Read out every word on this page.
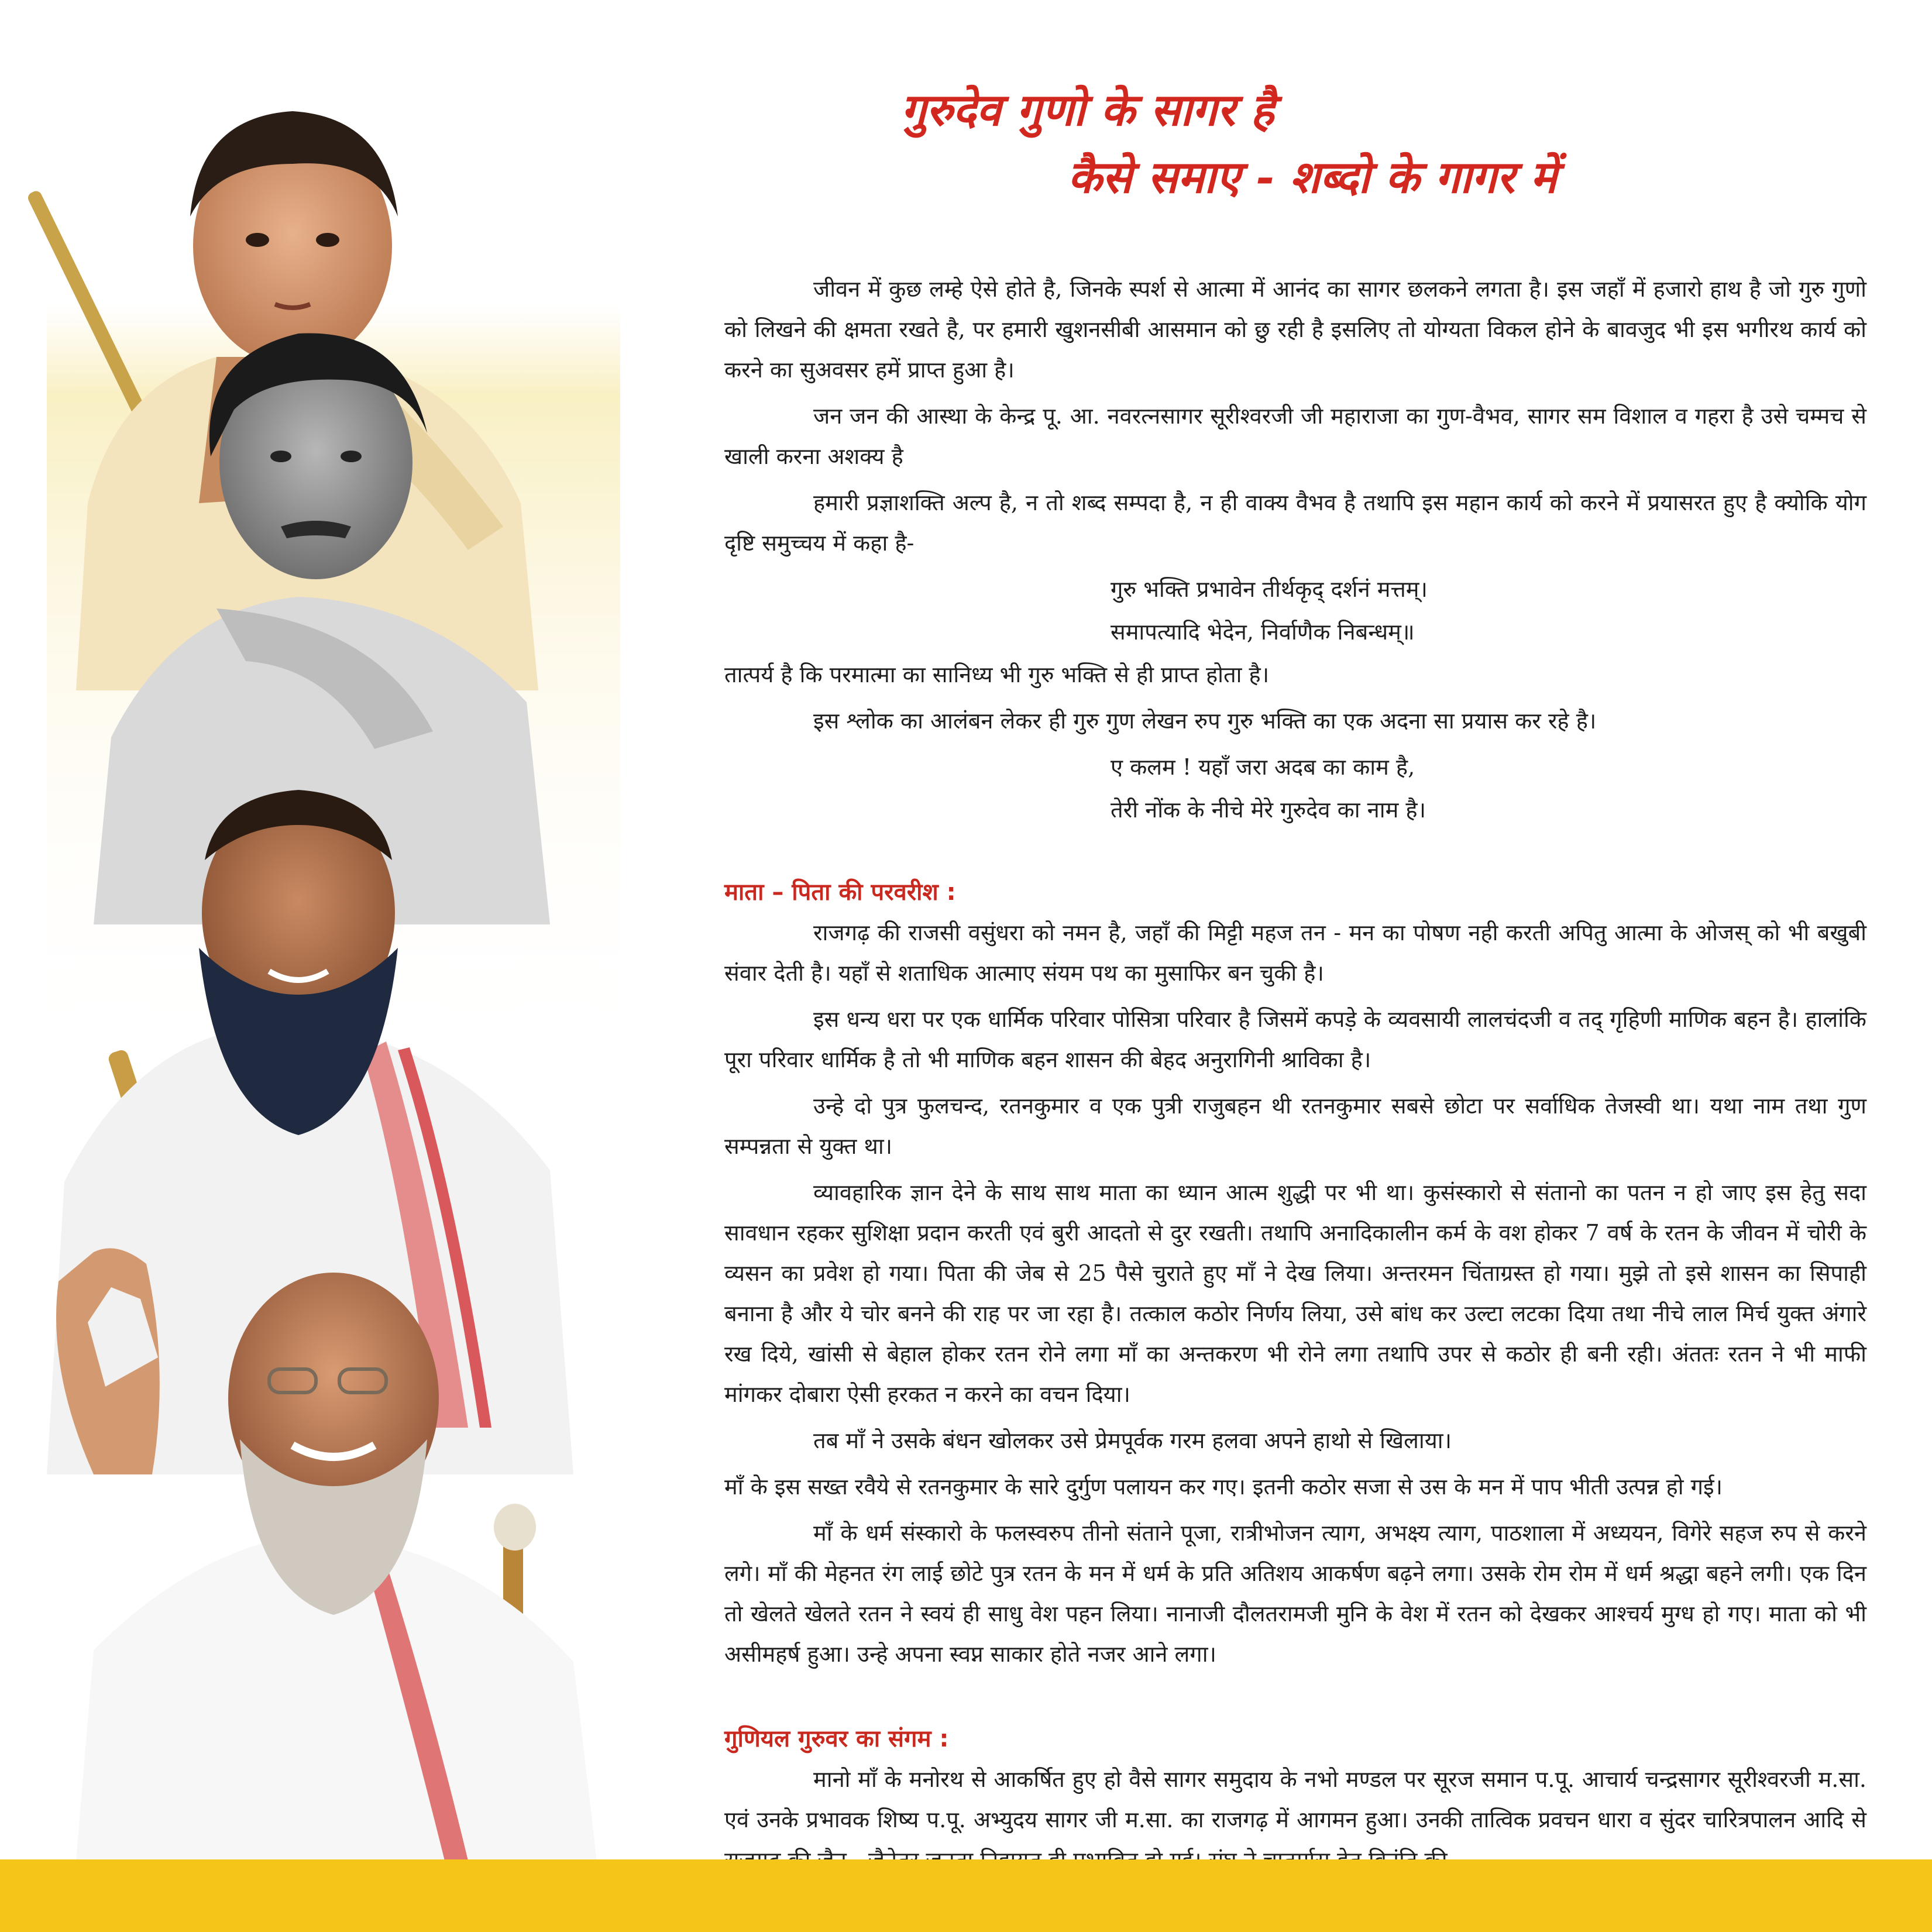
गुरुदेव गुणो के सागर है
कैसे समाए - शब्दो के गागर में

जीवन में कुछ लम्हे ऐसे होते है, जिनके स्पर्श से आत्मा में आनंद का सागर छलकने लगता है। इस जहाँ में हजारो हाथ है जो गुरु गुणो को लिखने की क्षमता रखते है, पर हमारी खुशनसीबी आसमान को छु रही है इसलिए तो योग्यता विकल होने के बावजुद भी इस भगीरथ कार्य को करने का सुअवसर हमें प्राप्त हुआ है।

जन जन की आस्था के केन्द्र पू. आ. नवरत्नसागर सूरीश्वरजी जी महाराजा का गुण-वैभव, सागर सम विशाल व गहरा है उसे चम्मच से खाली करना अशक्य है

हमारी प्रज्ञाशक्ति अल्प है, न तो शब्द सम्पदा है, न ही वाक्य वैभव है तथापि इस महान कार्य को करने में प्रयासरत हुए है क्योकि योग दृष्टि समुच्चय में कहा है-

गुरु भक्ति प्रभावेन तीर्थकृद् दर्शनं मत्तम्।

समापत्यादि भेदेन, निर्वाणैक निबन्धम्॥

तात्पर्य है कि परमात्मा का सानिध्य भी गुरु भक्ति से ही प्राप्त होता है।

इस श्लोक का आलंबन लेकर ही गुरु गुण लेखन रुप गुरु भक्ति का एक अदना सा प्रयास कर रहे है।

ए कलम ! यहाँ जरा अदब का काम है,

तेरी नोंक के नीचे मेरे गुरुदेव का नाम है।

माता – पिता की परवरीश :

राजगढ़ की राजसी वसुंधरा को नमन है, जहाँ की मिट्टी महज तन - मन का पोषण नही करती अपितु आत्मा के ओजस् को भी बखुबी संवार देती है। यहाँ से शताधिक आत्माए संयम पथ का मुसाफिर बन चुकी है।

इस धन्य धरा पर एक धार्मिक परिवार पोसित्रा परिवार है जिसमें कपड़े के व्यवसायी लालचंदजी व तद् गृहिणी माणिक बहन है। हालांकि पूरा परिवार धार्मिक है तो भी माणिक बहन शासन की बेहद अनुरागिनी श्राविका है।

उन्हे दो पुत्र फुलचन्द, रतनकुमार व एक पुत्री राजुबहन थी रतनकुमार सबसे छोटा पर सर्वाधिक तेजस्वी था। यथा नाम तथा गुण सम्पन्नता से युक्त था।

व्यावहारिक ज्ञान देने के साथ साथ माता का ध्यान आत्म शुद्धी पर भी था। कुसंस्कारो से संतानो का पतन न हो जाए इस हेतु सदा सावधान रहकर सुशिक्षा प्रदान करती एवं बुरी आदतो से दुर रखती। तथापि अनादिकालीन कर्म के वश होकर 7 वर्ष के रतन के जीवन में चोरी के व्यसन का प्रवेश हो गया। पिता की जेब से 25 पैसे चुराते हुए माँ ने देख लिया। अन्तरमन चिंताग्रस्त हो गया। मुझे तो इसे शासन का सिपाही बनाना है और ये चोर बनने की राह पर जा रहा है। तत्काल कठोर निर्णय लिया, उसे बांध कर उल्टा लटका दिया तथा नीचे लाल मिर्च युक्त अंगारे रख दिये, खांसी से बेहाल होकर रतन रोने लगा माँ का अन्तकरण भी रोने लगा तथापि उपर से कठोर ही बनी रही। अंततः रतन ने भी माफी मांगकर दोबारा ऐसी हरकत न करने का वचन दिया।

तब माँ ने उसके बंधन खोलकर उसे प्रेमपूर्वक गरम हलवा अपने हाथो से खिलाया।

माँ के इस सख्त रवैये से रतनकुमार के सारे दुर्गुण पलायन कर गए। इतनी कठोर सजा से उस के मन में पाप भीती उत्पन्न हो गई।

माँ के धर्म संस्कारो के फलस्वरुप तीनो संताने पूजा, रात्रीभोजन त्याग, अभक्ष्य त्याग, पाठशाला में अध्ययन, विगेरे सहज रुप से करने लगे। माँ की मेहनत रंग लाई छोटे पुत्र रतन के मन में धर्म के प्रति अतिशय आकर्षण बढ़ने लगा। उसके रोम रोम में धर्म श्रद्धा बहने लगी। एक दिन तो खेलते खेलते रतन ने स्वयं ही साधु वेश पहन लिया। नानाजी दौलतरामजी मुनि के वेश में रतन को देखकर आश्चर्य मुग्ध हो गए। माता को भी असीमहर्ष हुआ। उन्हे अपना स्वप्न साकार होते नजर आने लगा।

गुणियल गुरुवर का संगम :

मानो माँ के मनोरथ से आकर्षित हुए हो वैसे सागर समुदाय के नभो मण्डल पर सूरज समान प.पू. आचार्य चन्द्रसागर सूरीश्वरजी म.सा. एवं उनके प्रभावक शिष्य प.पू. अभ्युदय सागर जी म.सा. का राजगढ़ में आगमन हुआ। उनकी तात्विक प्रवचन धारा व सुंदर चारित्रपालन आदि से
